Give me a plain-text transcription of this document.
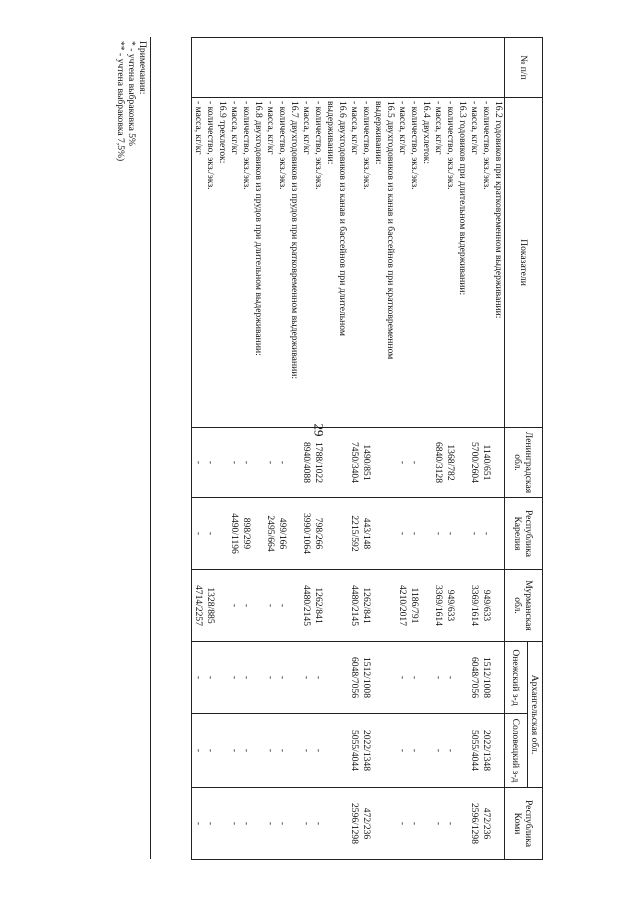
29
№ п/п	Показатели	Ленинградская обл.	Республика Карелия	Мурманская обл.	Архангельская обл.		Республика Коми
					Онежский з-д	Соловецкий з-д	
	16.2 годовиков при кратковременном выдерживании:						
	- количество, экз./экз.	1140/651	-	949/633	1512/1008	2022/1348	472/236
	- масса, кг/кг	5700/2604	-	3369/1614	6048/7056	5055/4044	2596/1298
	16.3 годовиков при длительном выдерживании:						
	- количество, экз./экз.	1368/782	-	949/633	-	-	-
	- масса, кг/кг	6840/3128	-	3369/1614	-	-	-
	16.4 двухлеток:						
	- количество, экз./экз.	-	-	1186/791	-	-	-
	- масса, кг/кг	-	-	4210/2017	-	-	-
	16.5 двухгодовиков из канав и бассейнов при кратковременном						
	выдерживании:						
	- количество, экз./экз.	1490/851	443/148	1262/841	1512/1008	2022/1348	472/236
	- масса, кг/кг	7450/3404	2215/592	4480/2145	6048/7056	5055/4044	2596/1298
	16.6 двухгодовиков из канав и бассейнов при длительном						
	выдерживании:						
	- количество, экз./экз.	1788/1022	798/266	1262/841	-	-	-
	- масса, кг/кг	8940/4088	3990/1064	4480/2145	-	-	-
	16.7 двухгодовиков из прудов при кратковременном выдерживании:						
	- количество, экз./экз.	-	499/166	-	-	-	-
	- масса, кг/кг	-	2495/664	-	-	-	-
	16.8 двухгодовиков из прудов при длительном выдерживании:						
	- количество, экз./экз.	-	898/299	-	-	-	-
	- масса, кг/кг	-	4490/1196	-	-	-	-
	16.9 трехлеток:						
	- количество, экз./экз.	-	-	1328/885	-	-	-
	- масса, кг/кг	-	-	4714/2257	-	-	-
Примечания:
* - учтена выбраковка 5%
** - учтена выбраковка 7,5%)
